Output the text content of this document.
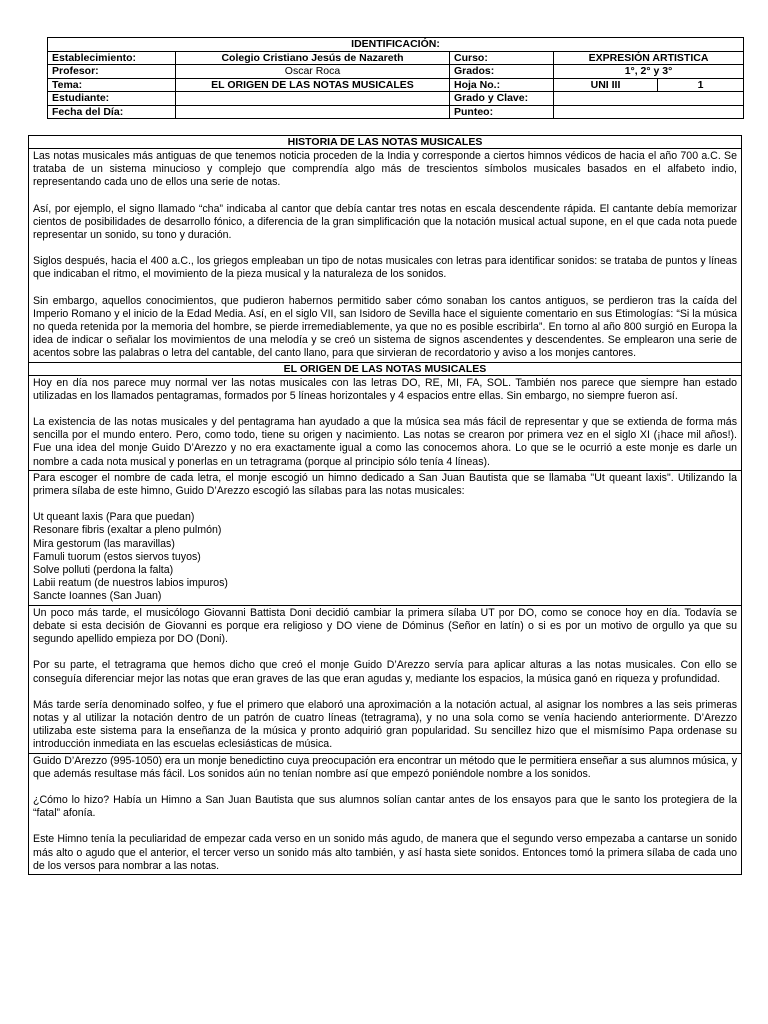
IDENTIFICACIÓN:				
Establecimiento:	Colegio Cristiano Jesús de Nazareth	Curso:	EXPRESIÓN ARTISTICA	
Profesor:	Oscar Roca	Grados:	1°, 2° y 3°	
Tema:	EL ORIGEN DE LAS NOTAS MUSICALES	Hoja No.:	UNI III	1
Estudiante:		Grado y Clave:		
Fecha del Día:		Punteo:		
HISTORIA DE LAS NOTAS MUSICALES

Las notas musicales más antiguas de que tenemos noticia proceden de la India y corresponde a ciertos himnos védicos de hacia el año 700 a.C. Se trataba de un sistema minucioso y complejo que comprendía algo más de trescientos símbolos musicales basados en el alfabeto indio, representando cada uno de ellos una serie de notas.

Así, por ejemplo, el signo llamado “cha” indicaba al cantor que debía cantar tres notas en escala descendente rápida. El cantante debía memorizar cientos de posibilidades de desarrollo fónico, a diferencia de la gran simplificación que la notación musical actual supone, en el que cada nota puede representar un sonido, su tono y duración.

Siglos después, hacia el 400 a.C., los griegos empleaban un tipo de notas musicales con letras para identificar sonidos: se trataba de puntos y líneas que indicaban el ritmo, el movimiento de la pieza musical y la naturaleza de los sonidos.

Sin embargo, aquellos conocimientos, que pudieron habernos permitido saber cómo sonaban los cantos antiguos, se perdieron tras la caída del Imperio Romano y el inicio de la Edad Media. Así, en el siglo VII, san Isidoro de Sevilla hace el siguiente comentario en sus Etimologías: “Si la música no queda retenida por la memoria del hombre, se pierde irremediablemente, ya que no es posible escribirla”. En torno al año 800 surgió en Europa la idea de indicar o señalar los movimientos de una melodía y se creó un sistema de signos ascendentes y descendentes. Se emplearon una serie de acentos sobre las palabras o letra del cantable, del canto llano, para que sirvieran de recordatorio y aviso a los monjes cantores.

EL ORIGEN DE LAS NOTAS MUSICALES

Hoy en día nos parece muy normal ver las notas musicales con las letras DO, RE, MI, FA, SOL. También nos parece que siempre han estado utilizadas en los llamados pentagramas, formados por 5 líneas horizontales y 4 espacios entre ellas. Sin embargo, no siempre fueron así.

La existencia de las notas musicales y del pentagrama han ayudado a que la música sea más fácil de representar y que se extienda de forma más sencilla por el mundo entero. Pero, como todo, tiene su origen y nacimiento. Las notas se crearon por primera vez en el siglo XI (¡hace mil años!). Fue una idea del monje Guido D’Arezzo y no era exactamente igual a como las conocemos ahora. Lo que se le ocurrió a este monje es darle un nombre a cada nota musical y ponerlas en un tetragrama (porque al principio sólo tenía 4 líneas).

Para escoger el nombre de cada letra, el monje escogió un himno dedicado a San Juan Bautista que se llamaba "Ut queant laxis". Utilizando la primera sílaba de este himno, Guido D’Arezzo escogió las sílabas para las notas musicales:

Ut queant laxis (Para que puedan)
Resonare fibris (exaltar a pleno pulmón)
Mira gestorum (las maravillas)
Famuli tuorum (estos siervos tuyos)
Solve polluti (perdona la falta)
Labii reatum (de nuestros labios impuros)
Sancte Ioannes (San Juan)

Un poco más tarde, el musicólogo Giovanni Battista Doni decidió cambiar la primera sílaba UT por DO, como se conoce hoy en día. Todavía se debate si esta decisión de Giovanni es porque era religioso y DO viene de Dóminus (Señor en latín) o si es por un motivo de orgullo ya que su segundo apellido empieza por DO (Doni).

Por su parte, el tetragrama que hemos dicho que creó el monje Guido D’Arezzo servía para aplicar alturas a las notas musicales. Con ello se conseguía diferenciar mejor las notas que eran graves de las que eran agudas y, mediante los espacios, la música ganó en riqueza y profundidad.

Más tarde sería denominado solfeo, y fue el primero que elaboró una aproximación a la notación actual, al asignar los nombres a las seis primeras notas y al utilizar la notación dentro de un patrón de cuatro líneas (tetragrama), y no una sola como se venía haciendo anteriormente. D’Arezzo utilizaba este sistema para la enseñanza de la música y pronto adquirió gran popularidad. Su sencillez hizo que el mismísimo Papa ordenase su introducción inmediata en las escuelas eclesiásticas de música.

Guido D’Arezzo (995-1050) era un monje benedictino cuya preocupación era encontrar un método que le permitiera enseñar a sus alumnos música, y que además resultase más fácil. Los sonidos aún no tenían nombre así que empezó poniéndole nombre a los sonidos.

¿Cómo lo hizo? Había un Himno a San Juan Bautista que sus alumnos solían cantar antes de los ensayos para que le santo los protegiera de la “fatal” afonía.

Este Himno tenía la peculiaridad de empezar cada verso en un sonido más agudo, de manera que el segundo verso empezaba a cantarse un sonido más alto o agudo que el anterior, el tercer verso un sonido más alto también, y así hasta siete sonidos. Entonces tomó la primera sílaba de cada uno de los versos para nombrar a las notas.
